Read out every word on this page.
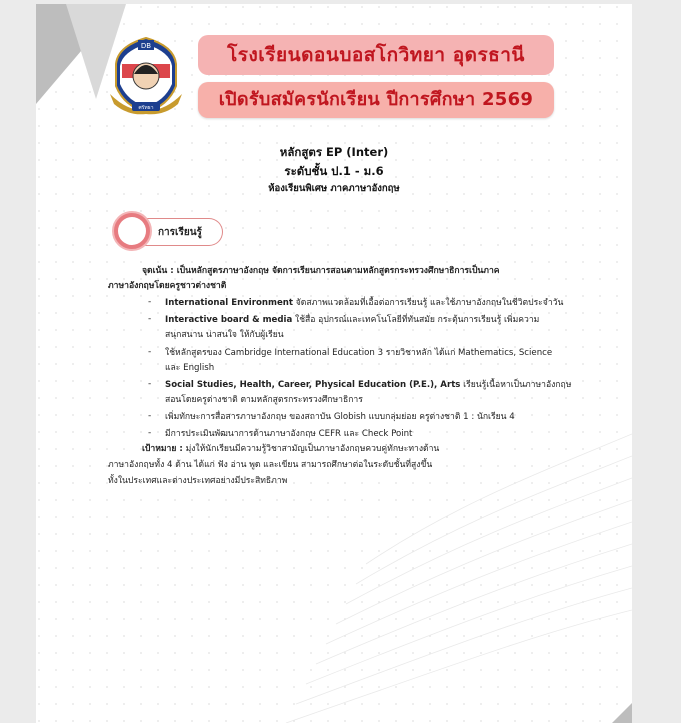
DB
ศรัทธา
โรงเรียนดอนบอสโกวิทยา อุดรธานี
เปิดรับสมัครนักเรียน ปีการศึกษา 2569
หลักสูตร EP (Inter)
ระดับชั้น ป.1 - ม.6
ห้องเรียนพิเศษ ภาคภาษาอังกฤษ
การเรียนรู้
จุดเน้น : เป็นหลักสูตรภาษาอังกฤษ จัดการเรียนการสอนตามหลักสูตรกระทรวงศึกษาธิการเป็นภาค
ภาษาอังกฤษโดยครูชาวต่างชาติ
- International Environment จัดสภาพแวดล้อมที่เอื้อต่อการเรียนรู้ และใช้ภาษาอังกฤษในชีวิตประจำวัน
- Interactive board & media ใช้สื่อ อุปกรณ์และเทคโนโลยีที่ทันสมัย กระตุ้นการเรียนรู้ เพิ่มความ
สนุกสนาน น่าสนใจ ให้กับผู้เรียน
- ใช้หลักสูตรของ Cambridge International Education 3 รายวิชาหลัก ได้แก่ Mathematics, Science
และ English
- Social Studies, Health, Career, Physical Education (P.E.), Arts เรียนรู้เนื้อหาเป็นภาษาอังกฤษ
สอนโดยครูต่างชาติ ตามหลักสูตรกระทรวงศึกษาธิการ
- เพิ่มทักษะการสื่อสารภาษาอังกฤษ ของสถาบัน Globish แบบกลุ่มย่อย ครูต่างชาติ 1 : นักเรียน 4
- มีการประเมินพัฒนาการด้านภาษาอังกฤษ CEFR และ Check Point
เป้าหมาย : มุ่งให้นักเรียนมีความรู้วิชาสามัญเป็นภาษาอังกฤษควบคู่ทักษะทางด้าน
ภาษาอังกฤษทั้ง 4 ด้าน ได้แก่ ฟัง อ่าน พูด และเขียน สามารถศึกษาต่อในระดับชั้นที่สูงขึ้น
ทั้งในประเทศและต่างประเทศอย่างมีประสิทธิภาพ
